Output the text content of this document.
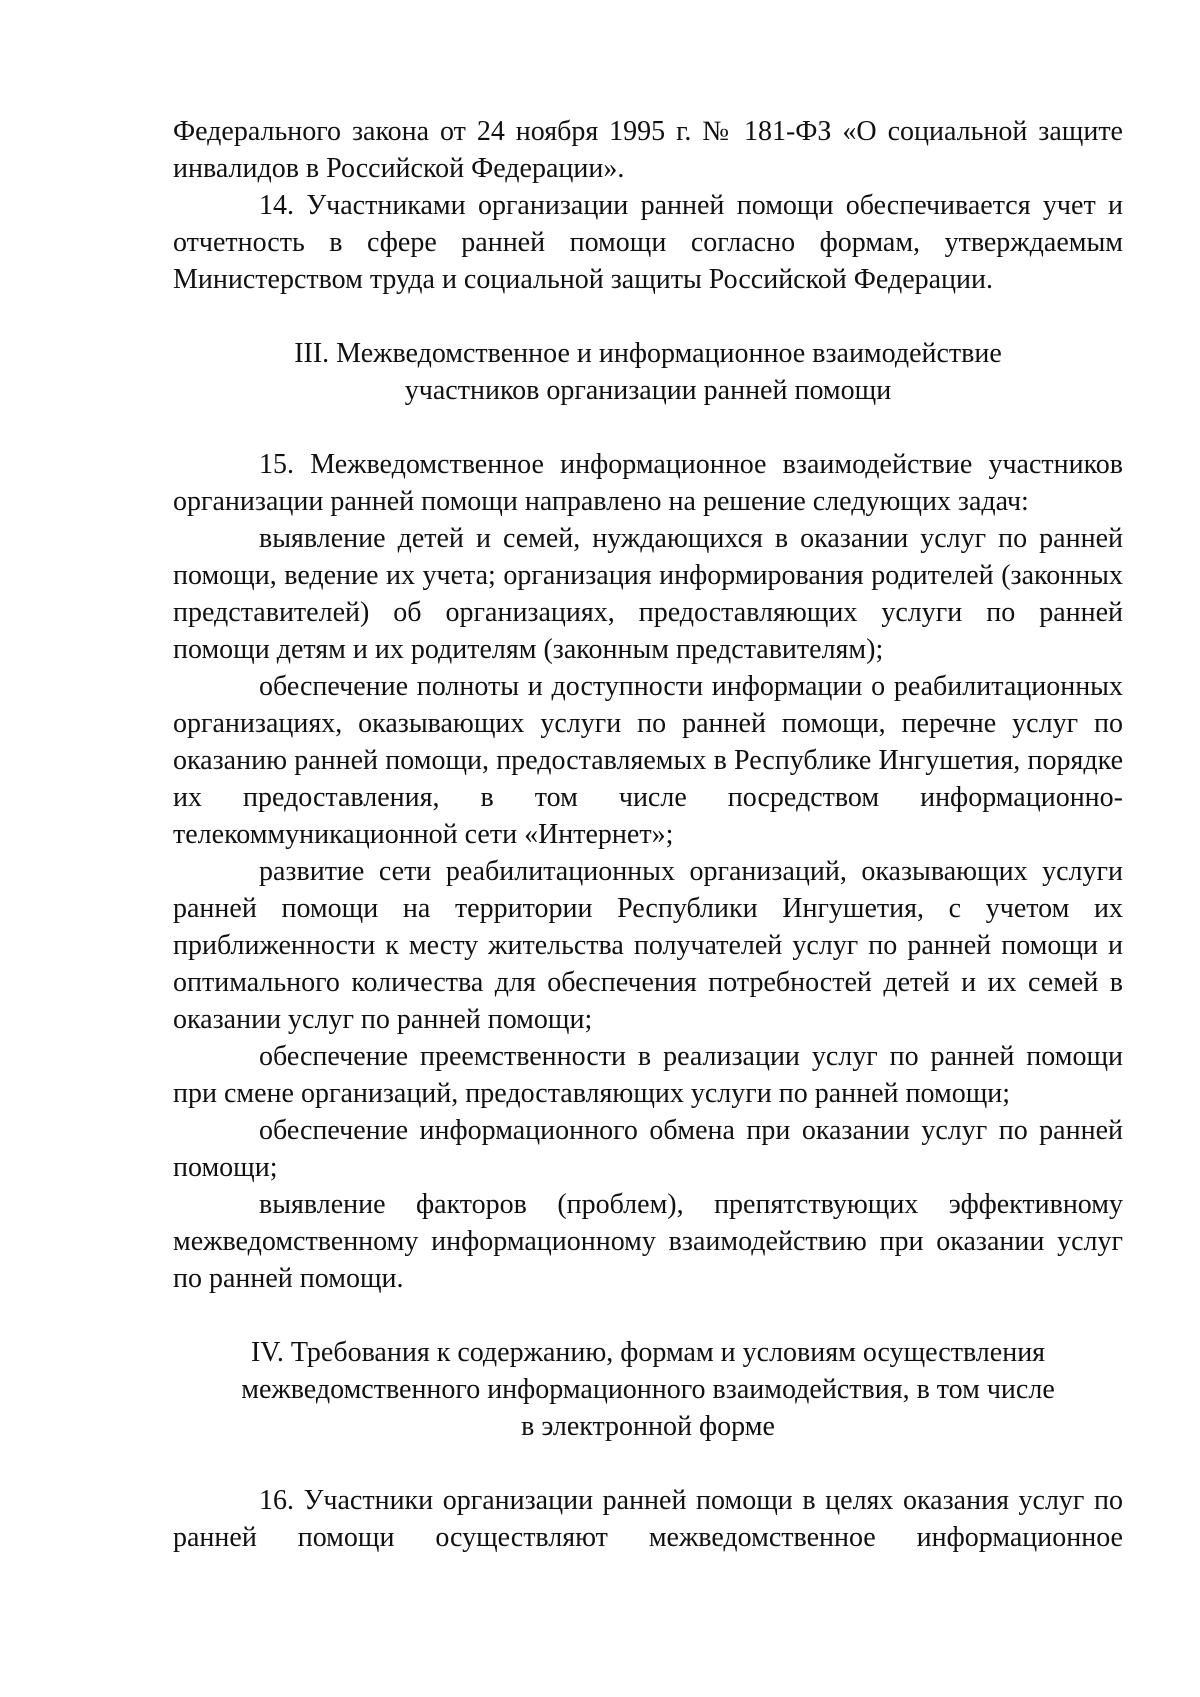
Федерального закона от 24 ноября 1995 г. № 181-ФЗ «О социальной защите инвалидов в Российской Федерации».

14. Участниками организации ранней помощи обеспечивается учет и отчетность в сфере ранней помощи согласно формам, утверждаемым Министерством труда и социальной защиты Российской Федерации.

III. Межведомственное и информационное взаимодействие
участников организации ранней помощи

15. Межведомственное информационное взаимодействие участников организации ранней помощи направлено на решение следующих задач:

выявление детей и семей, нуждающихся в оказании услуг по ранней помощи, ведение их учета; организация информирования родителей (законных представителей) об организациях, предоставляющих услуги по ранней помощи детям и их родителям (законным представителям);

обеспечение полноты и доступности информации о реабилитационных организациях, оказывающих услуги по ранней помощи, перечне услуг по оказанию ранней помощи, предоставляемых в Республике Ингушетия, порядке их предоставления, в том числе посредством информационно-телекоммуникационной сети «Интернет»;

развитие сети реабилитационных организаций, оказывающих услуги ранней помощи на территории Республики Ингушетия, с учетом их приближенности к месту жительства получателей услуг по ранней помощи и оптимального количества для обеспечения потребностей детей и их семей в оказании услуг по ранней помощи;

обеспечение преемственности в реализации услуг по ранней помощи при смене организаций, предоставляющих услуги по ранней помощи;

обеспечение информационного обмена при оказании услуг по ранней помощи;

выявление факторов (проблем), препятствующих эффективному межведомственному информационному взаимодействию при оказании услуг по ранней помощи.

IV. Требования к содержанию, формам и условиям осуществления
межведомственного информационного взаимодействия, в том числе
в электронной форме

16. Участники организации ранней помощи в целях оказания услуг по ранней помощи осуществляют межведомственное информационное
